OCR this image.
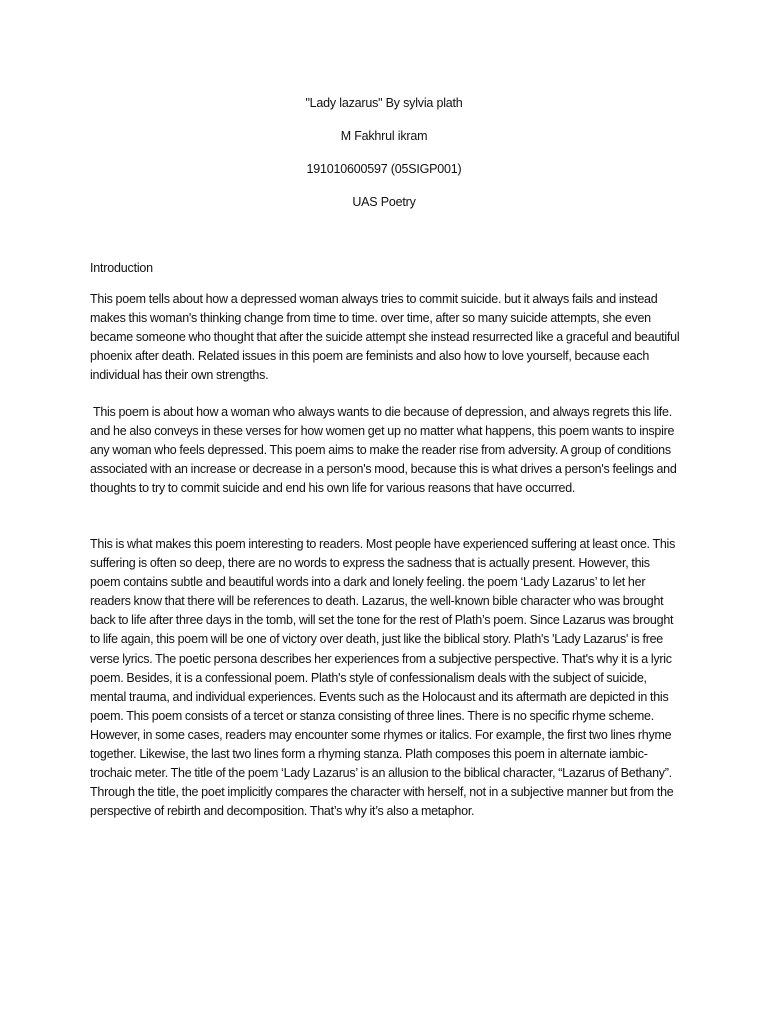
"Lady lazarus" By sylvia plath
M Fakhrul ikram
191010600597 (05SIGP001)
UAS Poetry
Introduction

This poem tells about how a depressed woman always tries to commit suicide. but it always fails and instead makes this woman's thinking change from time to time. over time, after so many suicide attempts, she even became someone who thought that after the suicide attempt she instead resurrected like a graceful and beautiful phoenix after death. Related issues in this poem are feminists and also how to love yourself, because each individual has their own strengths.

This poem is about how a woman who always wants to die because of depression, and always regrets this life. and he also conveys in these verses for how women get up no matter what happens, this poem wants to inspire any woman who feels depressed. This poem aims to make the reader rise from adversity. A group of conditions associated with an increase or decrease in a person's mood, because this is what drives a person's feelings and thoughts to try to commit suicide and end his own life for various reasons that have occurred.

This is what makes this poem interesting to readers. Most people have experienced suffering at least once. This suffering is often so deep, there are no words to express the sadness that is actually present. However, this poem contains subtle and beautiful words into a dark and lonely feeling. the poem ‘Lady Lazarus’ to let her readers know that there will be references to death. Lazarus, the well-known bible character who was brought back to life after three days in the tomb, will set the tone for the rest of Plath’s poem. Since Lazarus was brought to life again, this poem will be one of victory over death, just like the biblical story. Plath's 'Lady Lazarus' is free verse lyrics. The poetic persona describes her experiences from a subjective perspective. That's why it is a lyric poem. Besides, it is a confessional poem. Plath's style of confessionalism deals with the subject of suicide, mental trauma, and individual experiences. Events such as the Holocaust and its aftermath are depicted in this poem. This poem consists of a tercet or stanza consisting of three lines. There is no specific rhyme scheme. However, in some cases, readers may encounter some rhymes or italics. For example, the first two lines rhyme together. Likewise, the last two lines form a rhyming stanza. Plath composes this poem in alternate iambic-trochaic meter. The title of the poem ‘Lady Lazarus’ is an allusion to the biblical character, “Lazarus of Bethany”. Through the title, the poet implicitly compares the character with herself, not in a subjective manner but from the perspective of rebirth and decomposition. That’s why it’s also a metaphor.
